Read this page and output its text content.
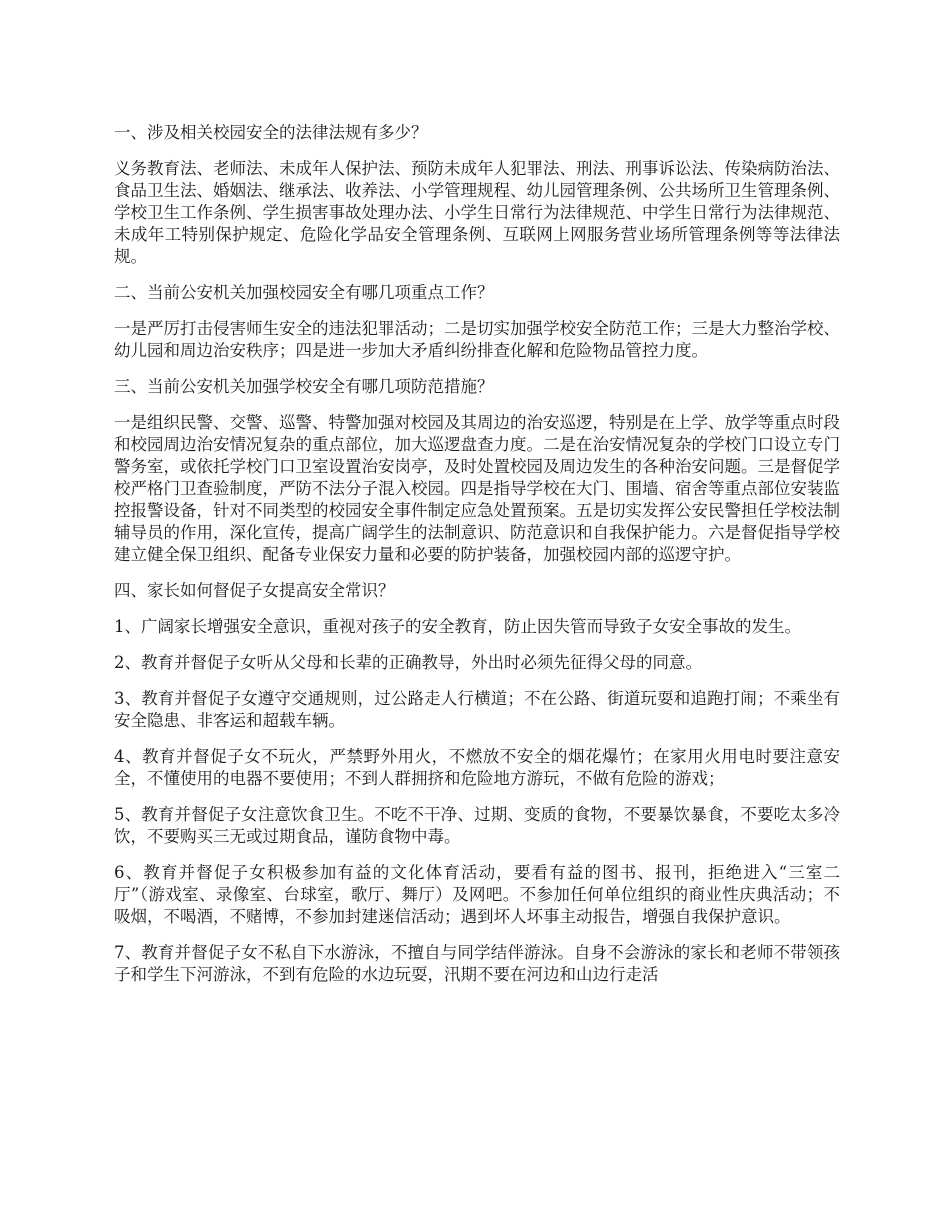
一、涉及相关校园安全的法律法规有多少？

义务教育法、老师法、未成年人保护法、预防未成年人犯罪法、刑法、刑事诉讼法、传染病防治法、食品卫生法、婚姻法、继承法、收养法、小学管理规程、幼儿园管理条例、公共场所卫生管理条例、学校卫生工作条例、学生损害事故处理办法、小学生日常行为法律规范、中学生日常行为法律规范、未成年工特别保护规定、危险化学品安全管理条例、互联网上网服务营业场所管理条例等等法律法规。

二、当前公安机关加强校园安全有哪几项重点工作？

一是严厉打击侵害师生安全的违法犯罪活动；二是切实加强学校安全防范工作；三是大力整治学校、幼儿园和周边治安秩序；四是进一步加大矛盾纠纷排查化解和危险物品管控力度。

三、当前公安机关加强学校安全有哪几项防范措施？

一是组织民警、交警、巡警、特警加强对校园及其周边的治安巡逻，特别是在上学、放学等重点时段和校园周边治安情况复杂的重点部位，加大巡逻盘查力度。二是在治安情况复杂的学校门口设立专门警务室，或依托学校门口卫室设置治安岗亭，及时处置校园及周边发生的各种治安问题。三是督促学校严格门卫查验制度，严防不法分子混入校园。四是指导学校在大门、围墙、宿舍等重点部位安装监控报警设备，针对不同类型的校园安全事件制定应急处置预案。五是切实发挥公安民警担任学校法制辅导员的作用，深化宣传，提高广阔学生的法制意识、防范意识和自我保护能力。六是督促指导学校建立健全保卫组织、配备专业保安力量和必要的防护装备，加强校园内部的巡逻守护。

四、家长如何督促子女提高安全常识？

1、广阔家长增强安全意识，重视对孩子的安全教育，防止因失管而导致子女安全事故的发生。

2、教育并督促子女听从父母和长辈的正确教导，外出时必须先征得父母的同意。

3、教育并督促子女遵守交通规则，过公路走人行横道；不在公路、街道玩耍和追跑打闹；不乘坐有安全隐患、非客运和超载车辆。

4、教育并督促子女不玩火，严禁野外用火，不燃放不安全的烟花爆竹；在家用火用电时要注意安全，不懂使用的电器不要使用；不到人群拥挤和危险地方游玩，不做有危险的游戏；

5、教育并督促子女注意饮食卫生。不吃不干净、过期、变质的食物，不要暴饮暴食，不要吃太多冷饮，不要购买三无或过期食品，谨防食物中毒。

6、教育并督促子女积极参加有益的文化体育活动，要看有益的图书、报刊，拒绝进入“三室二厅”（游戏室、录像室、台球室，歌厅、舞厅）及网吧。不参加任何单位组织的商业性庆典活动；不吸烟，不喝酒，不赌博，不参加封建迷信活动；遇到坏人坏事主动报告，增强自我保护意识。

7、教育并督促子女不私自下水游泳，不擅自与同学结伴游泳。自身不会游泳的家长和老师不带领孩子和学生下河游泳，不到有危险的水边玩耍，汛期不要在河边和山边行走活
